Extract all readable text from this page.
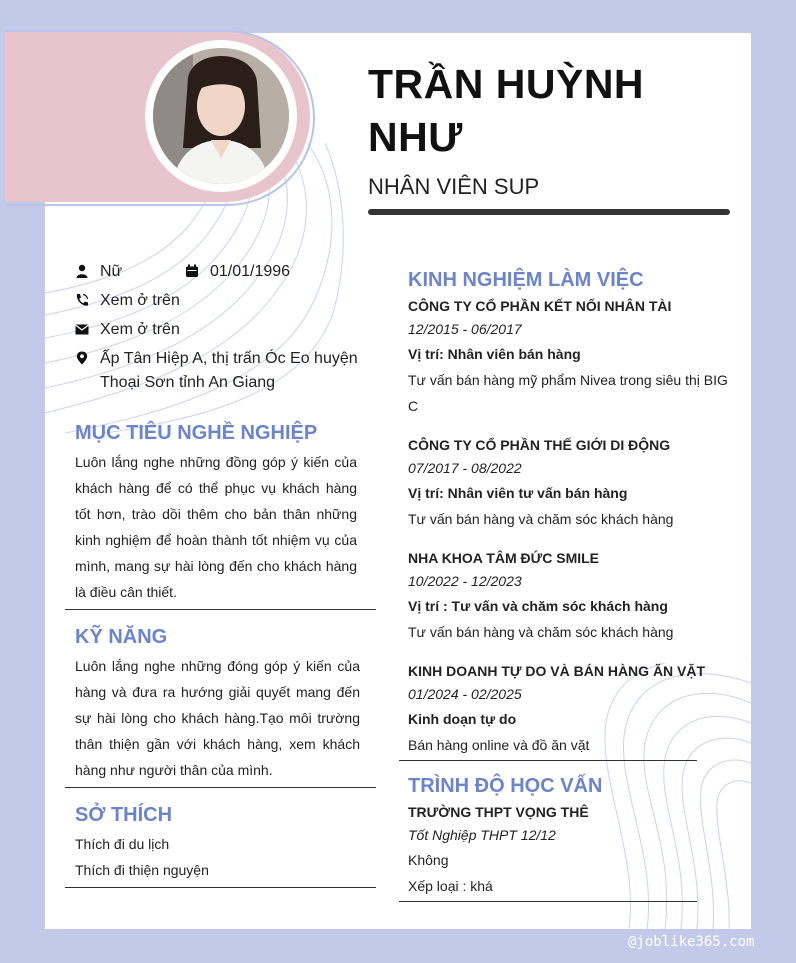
TRẦN HUỲNH NHƯ
NHÂN VIÊN SUP
Nữ	01/01/1996
Xem ở trên
Xem ở trên
Ấp Tân Hiệp A, thị trấn Óc Eo huyện Thoại Sơn tỉnh An Giang
MỤC TIÊU NGHỀ NGHIỆP
Luôn lắng nghe những đồng góp ý kiến của khách hàng để có thể phục vụ khách hàng tốt hơn, trào dồi thêm cho bản thân những kinh nghiệm để hoàn thành tốt nhiệm vụ của mình, mang sự hài lòng đến cho khách hàng là điều cân thiết.
KỸ NĂNG
Luôn lắng nghe những đóng góp ý kiến của hàng và đưa ra hướng giải quyết mang đến sự hài lòng cho khách hàng.Tạo môi trường thân thiện gần với khách hàng, xem khách hàng như người thân của mình.
SỞ THÍCH
Thích đi du lịch
Thích đi thiện nguyện
KINH NGHIỆM LÀM VIỆC
CÔNG TY CỔ PHẦN KẾT NỐI NHÂN TÀI
12/2015 - 06/2017
Vị trí: Nhân viên bán hàng
Tư vấn bán hàng mỹ phẩm Nivea trong siêu thị BIG C
CÔNG TY CỔ PHẦN THẾ GIỚI DI ĐỘNG
07/2017 - 08/2022
Vị trí: Nhân viên tư vấn bán hàng
Tư vấn bán hàng và chăm sóc khách hàng
NHA KHOA TÂM ĐỨC SMILE
10/2022 - 12/2023
Vị trí : Tư vấn và chăm sóc khách hàng
Tư vấn bán hàng và chăm sóc khách hàng
KINH DOANH TỰ DO VÀ BÁN HÀNG ĂN VẶT
01/2024 - 02/2025
Kinh doạn tự do
Bán hàng online và đồ ăn vặt
TRÌNH ĐỘ HỌC VẤN
TRƯỜNG THPT VỌNG THÊ
Tốt Nghiệp THPT 12/12
Không
Xếp loại : khá
@joblike365.com
